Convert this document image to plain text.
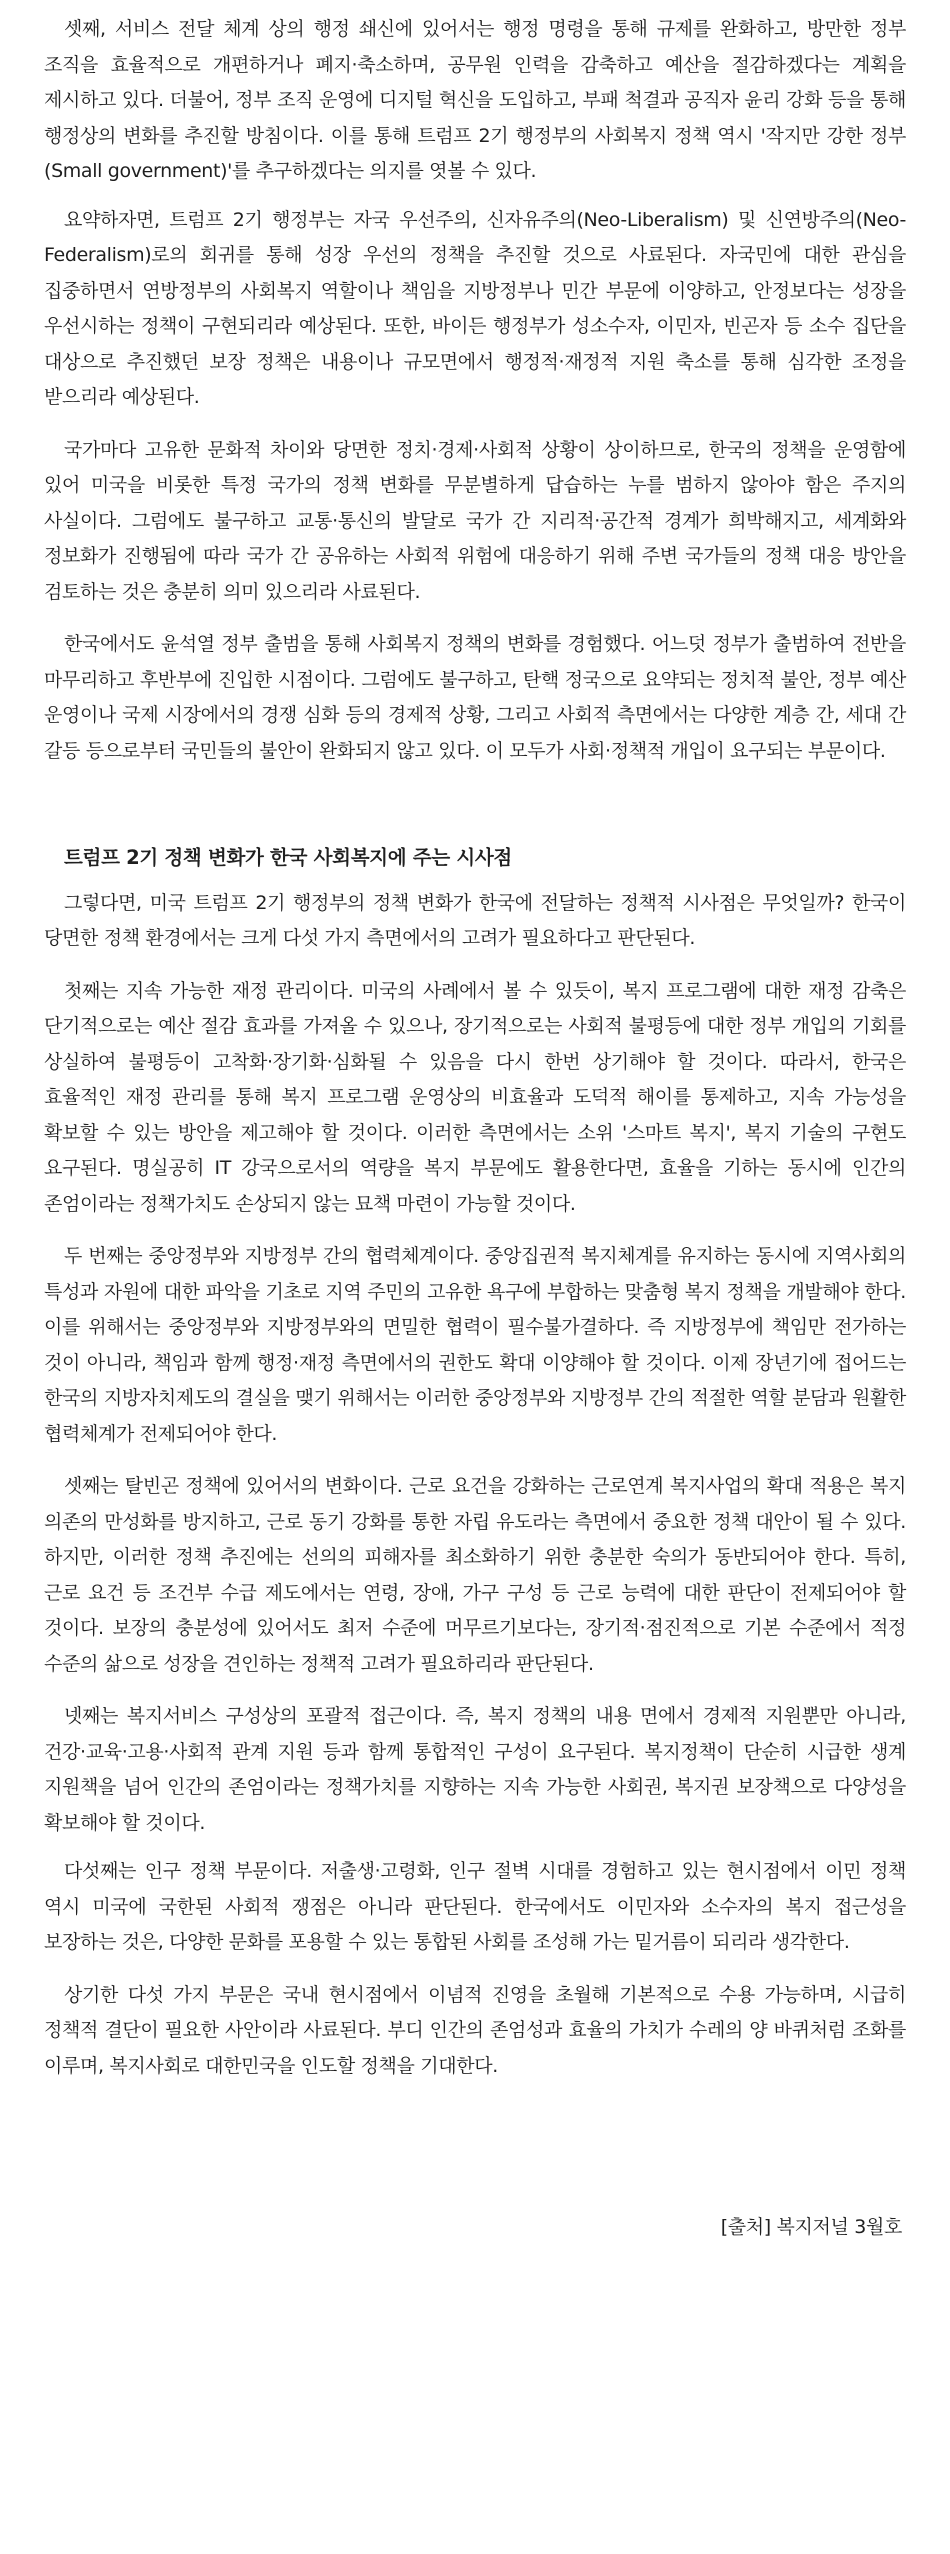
셋째, 서비스 전달 체계 상의 행정 쇄신에 있어서는 행정 명령을 통해 규제를 완화하고, 방만한 정부 조직을 효율적으로 개편하거나 폐지·축소하며, 공무원 인력을 감축하고 예산을 절감하겠다는 계획을 제시하고 있다. 더불어, 정부 조직 운영에 디지털 혁신을 도입하고, 부패 척결과 공직자 윤리 강화 등을 통해 행정상의 변화를 추진할 방침이다. 이를 통해 트럼프 2기 행정부의 사회복지 정책 역시 '작지만 강한 정부(Small government)'를 추구하겠다는 의지를 엿볼 수 있다.

요약하자면, 트럼프 2기 행정부는 자국 우선주의, 신자유주의(Neo-Liberalism) 및 신연방주의(Neo-Federalism)로의 회귀를 통해 성장 우선의 정책을 추진할 것으로 사료된다. 자국민에 대한 관심을 집중하면서 연방정부의 사회복지 역할이나 책임을 지방정부나 민간 부문에 이양하고, 안정보다는 성장을 우선시하는 정책이 구현되리라 예상된다. 또한, 바이든 행정부가 성소수자, 이민자, 빈곤자 등 소수 집단을 대상으로 추진했던 보장 정책은 내용이나 규모면에서 행정적·재정적 지원 축소를 통해 심각한 조정을 받으리라 예상된다.

국가마다 고유한 문화적 차이와 당면한 정치·경제·사회적 상황이 상이하므로, 한국의 정책을 운영함에 있어 미국을 비롯한 특정 국가의 정책 변화를 무분별하게 답습하는 누를 범하지 않아야 함은 주지의 사실이다. 그럼에도 불구하고 교통·통신의 발달로 국가 간 지리적·공간적 경계가 희박해지고, 세계화와 정보화가 진행됨에 따라 국가 간 공유하는 사회적 위험에 대응하기 위해 주변 국가들의 정책 대응 방안을 검토하는 것은 충분히 의미 있으리라 사료된다.

한국에서도 윤석열 정부 출범을 통해 사회복지 정책의 변화를 경험했다. 어느덧 정부가 출범하여 전반을 마무리하고 후반부에 진입한 시점이다. 그럼에도 불구하고, 탄핵 정국으로 요약되는 정치적 불안, 정부 예산 운영이나 국제 시장에서의 경쟁 심화 등의 경제적 상황, 그리고 사회적 측면에서는 다양한 계층 간, 세대 간 갈등 등으로부터 국민들의 불안이 완화되지 않고 있다. 이 모두가 사회·정책적 개입이 요구되는 부문이다.

트럼프 2기 정책 변화가 한국 사회복지에 주는 시사점

그렇다면, 미국 트럼프 2기 행정부의 정책 변화가 한국에 전달하는 정책적 시사점은 무엇일까? 한국이 당면한 정책 환경에서는 크게 다섯 가지 측면에서의 고려가 필요하다고 판단된다.

첫째는 지속 가능한 재정 관리이다. 미국의 사례에서 볼 수 있듯이, 복지 프로그램에 대한 재정 감축은 단기적으로는 예산 절감 효과를 가져올 수 있으나, 장기적으로는 사회적 불평등에 대한 정부 개입의 기회를 상실하여 불평등이 고착화·장기화·심화될 수 있음을 다시 한번 상기해야 할 것이다. 따라서, 한국은 효율적인 재정 관리를 통해 복지 프로그램 운영상의 비효율과 도덕적 해이를 통제하고, 지속 가능성을 확보할 수 있는 방안을 제고해야 할 것이다. 이러한 측면에서는 소위 '스마트 복지', 복지 기술의 구현도 요구된다. 명실공히 IT 강국으로서의 역량을 복지 부문에도 활용한다면, 효율을 기하는 동시에 인간의 존엄이라는 정책가치도 손상되지 않는 묘책 마련이 가능할 것이다.

두 번째는 중앙정부와 지방정부 간의 협력체계이다. 중앙집권적 복지체계를 유지하는 동시에 지역사회의 특성과 자원에 대한 파악을 기초로 지역 주민의 고유한 욕구에 부합하는 맞춤형 복지 정책을 개발해야 한다. 이를 위해서는 중앙정부와 지방정부와의 면밀한 협력이 필수불가결하다. 즉 지방정부에 책임만 전가하는 것이 아니라, 책임과 함께 행정·재정 측면에서의 권한도 확대 이양해야 할 것이다. 이제 장년기에 접어드는 한국의 지방자치제도의 결실을 맺기 위해서는 이러한 중앙정부와 지방정부 간의 적절한 역할 분담과 원활한 협력체계가 전제되어야 한다.

셋째는 탈빈곤 정책에 있어서의 변화이다. 근로 요건을 강화하는 근로연계 복지사업의 확대 적용은 복지 의존의 만성화를 방지하고, 근로 동기 강화를 통한 자립 유도라는 측면에서 중요한 정책 대안이 될 수 있다. 하지만, 이러한 정책 추진에는 선의의 피해자를 최소화하기 위한 충분한 숙의가 동반되어야 한다. 특히, 근로 요건 등 조건부 수급 제도에서는 연령, 장애, 가구 구성 등 근로 능력에 대한 판단이 전제되어야 할 것이다. 보장의 충분성에 있어서도 최저 수준에 머무르기보다는, 장기적·점진적으로 기본 수준에서 적정 수준의 삶으로 성장을 견인하는 정책적 고려가 필요하리라 판단된다.

넷째는 복지서비스 구성상의 포괄적 접근이다. 즉, 복지 정책의 내용 면에서 경제적 지원뿐만 아니라, 건강·교육·고용·사회적 관계 지원 등과 함께 통합적인 구성이 요구된다. 복지정책이 단순히 시급한 생계 지원책을 넘어 인간의 존엄이라는 정책가치를 지향하는 지속 가능한 사회권, 복지권 보장책으로 다양성을 확보해야 할 것이다.

다섯째는 인구 정책 부문이다. 저출생·고령화, 인구 절벽 시대를 경험하고 있는 현시점에서 이민 정책 역시 미국에 국한된 사회적 쟁점은 아니라 판단된다. 한국에서도 이민자와 소수자의 복지 접근성을 보장하는 것은, 다양한 문화를 포용할 수 있는 통합된 사회를 조성해 가는 밑거름이 되리라 생각한다.

상기한 다섯 가지 부문은 국내 현시점에서 이념적 진영을 초월해 기본적으로 수용 가능하며, 시급히 정책적 결단이 필요한 사안이라 사료된다. 부디 인간의 존엄성과 효율의 가치가 수레의 양 바퀴처럼 조화를 이루며, 복지사회로 대한민국을 인도할 정책을 기대한다.

[출처] 복지저널 3월호
